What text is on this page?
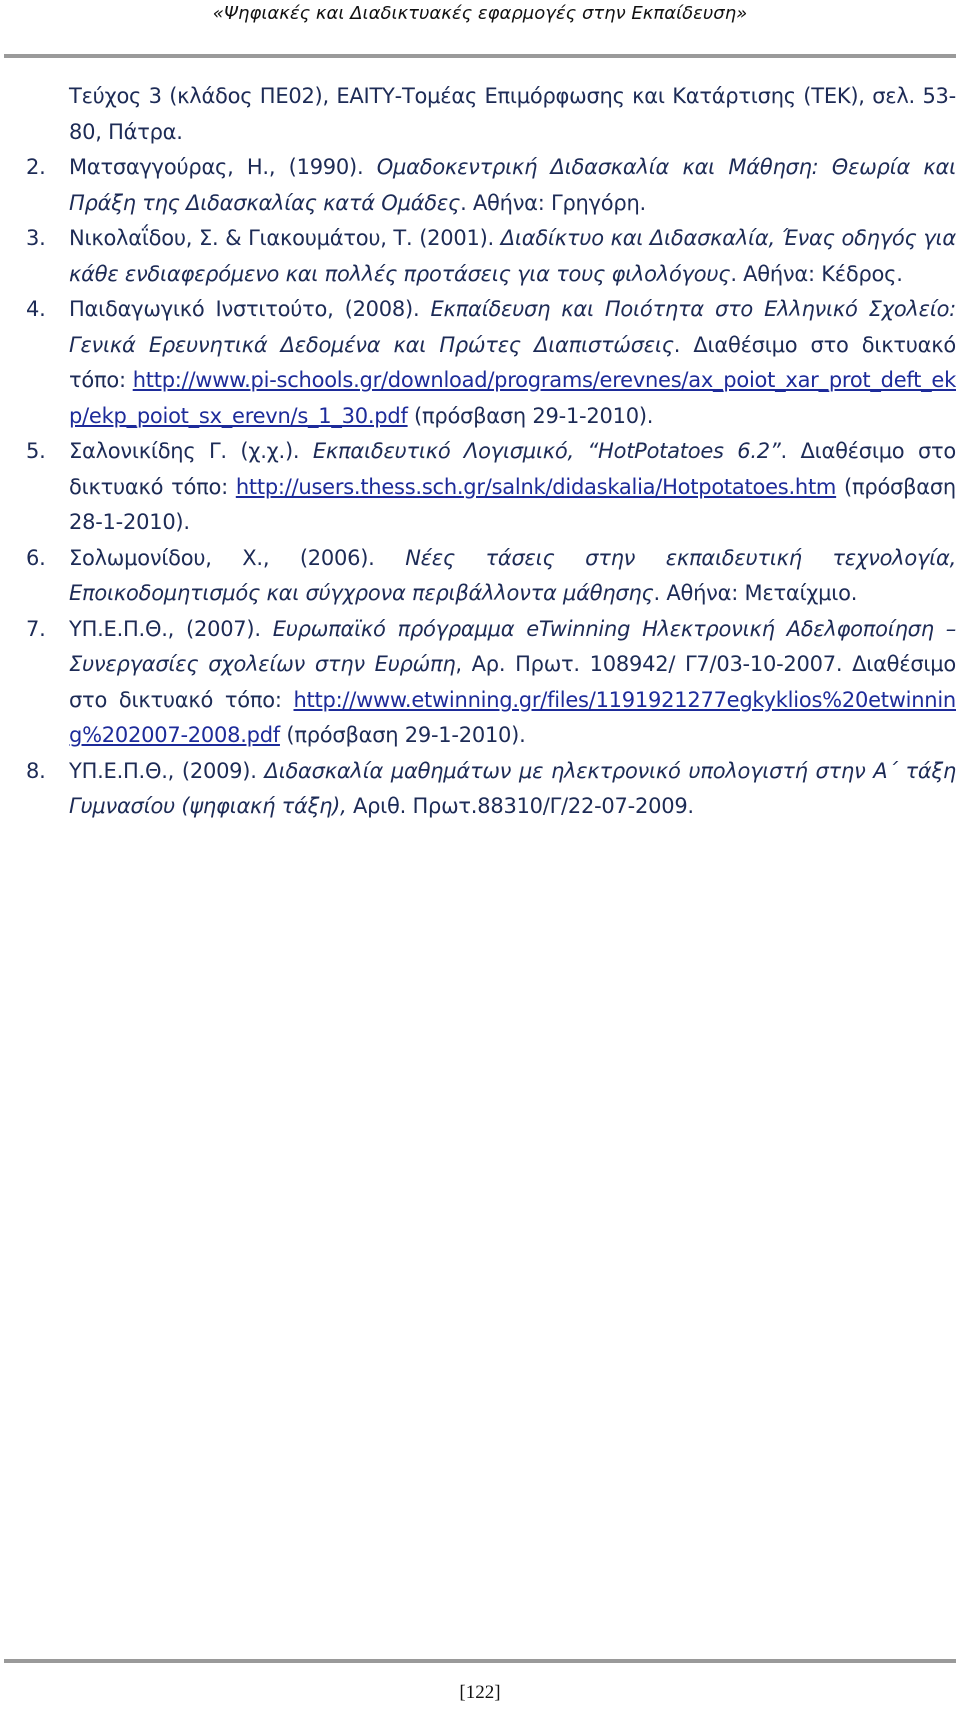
«Ψηφιακές και Διαδικτυακές εφαρμογές στην Εκπαίδευση»
Τεύχος 3 (κλάδος ΠΕ02), ΕΑΙΤΥ-Τομέας Επιμόρφωσης και Κατάρτισης (ΤΕΚ), σελ. 53-80, Πάτρα.
2.	Ματσαγγούρας, Η., (1990). Ομαδοκεντρική Διδασκαλία και Μάθηση: Θεωρία και Πράξη της Διδασκαλίας κατά Ομάδες. Αθήνα: Γρηγόρη.
3.	Νικολαΐδου, Σ. & Γιακουμάτου, Τ. (2001). Διαδίκτυο και Διδασκαλία, Ένας οδηγός για κάθε ενδιαφερόμενο και πολλές προτάσεις για τους φιλολόγους. Αθήνα: Κέδρος.
4.	Παιδαγωγικό Ινστιτούτο, (2008). Εκπαίδευση και Ποιότητα στο Ελληνικό Σχολείο: Γενικά Ερευνητικά Δεδομένα και Πρώτες Διαπιστώσεις. Διαθέσιμο στο δικτυακό τόπο: http://www.pi-schools.gr/download/programs/erevnes/ax_poiot_xar_prot_deft_ekp/ekp_poiot_sx_erevn/s_1_30.pdf (πρόσβαση 29-1-2010).
5.	Σαλονικίδης Γ. (χ.χ.). Εκπαιδευτικό Λογισμικό, “HotPotatoes 6.2”. Διαθέσιμο στο δικτυακό τόπο: http://users.thess.sch.gr/salnk/didaskalia/Hotpotatoes.htm (πρόσβαση 28-1-2010).
6.	Σολωμονίδου, Χ., (2006). Νέες τάσεις στην εκπαιδευτική τεχνολογία, Εποικοδομητισμός και σύγχρονα περιβάλλοντα μάθησης. Αθήνα: Μεταίχμιο.
7.	ΥΠ.Ε.Π.Θ., (2007). Ευρωπαϊκό πρόγραμμα eTwinning Ηλεκτρονική Αδελφοποίηση –Συνεργασίες σχολείων στην Ευρώπη, Αρ. Πρωτ. 108942/ Γ7/03-10-2007. Διαθέσιμο στο δικτυακό τόπο: http://www.etwinning.gr/files/1191921277egkyklios%20etwinning%202007-2008.pdf (πρόσβαση 29-1-2010).
8.	ΥΠ.Ε.Π.Θ., (2009). Διδασκαλία μαθημάτων με ηλεκτρονικό υπολογιστή στην Α΄ τάξη Γυμνασίου (ψηφιακή τάξη), Αριθ. Πρωτ.88310/Γ/22-07-2009.
[122]
